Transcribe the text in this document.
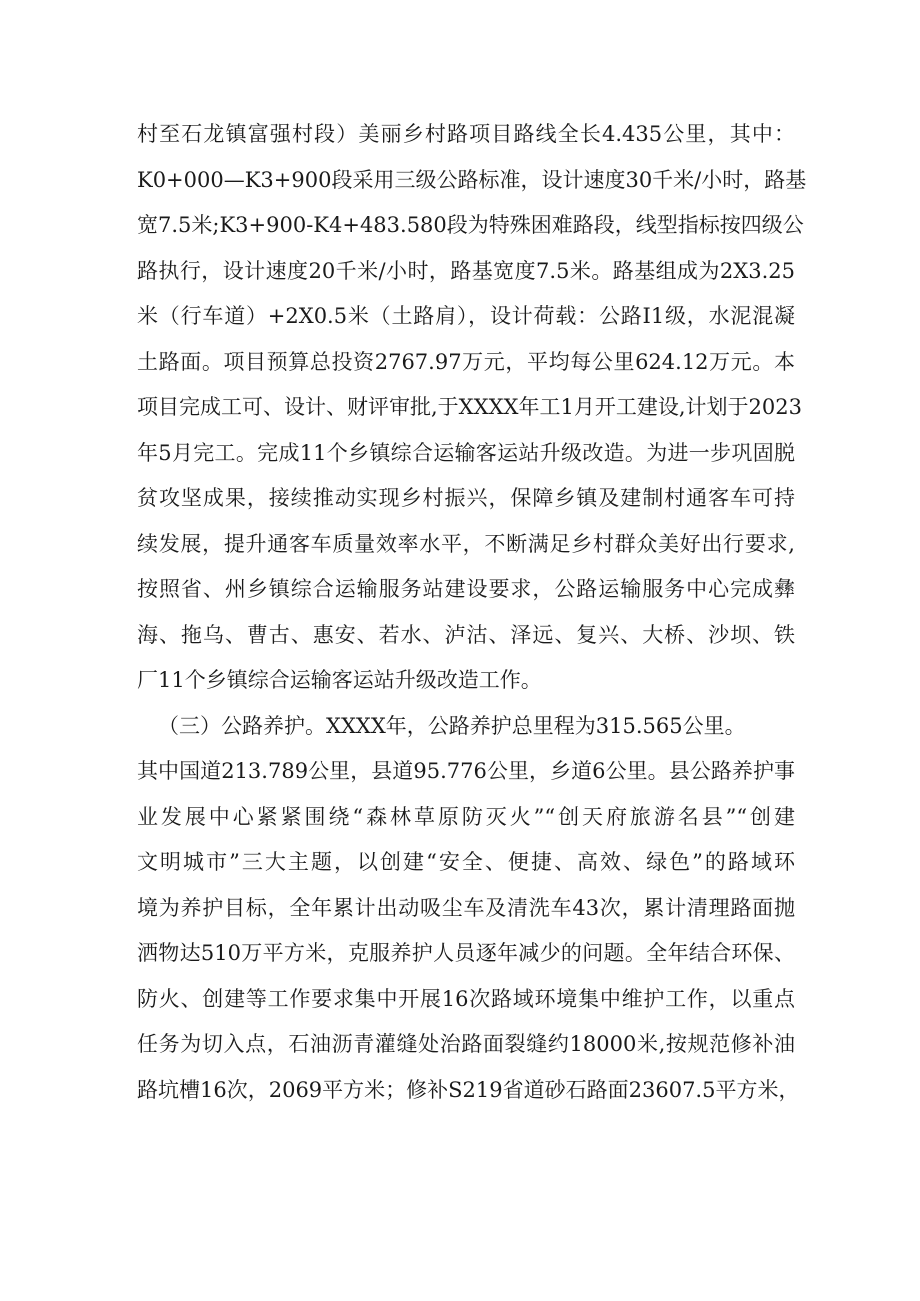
村至石龙镇富强村段）美丽乡村路项目路线全长4.435公里，其中：
K0+000—K3+900段采用三级公路标准，设计速度30千米/小时，路基
宽7.5米;K3+900-K4+483.580段为特殊困难路段，线型指标按四级公
路执行，设计速度20千米/小时，路基宽度7.5米。路基组成为2X3.25
米（行车道）+2X0.5米（土路肩），设计荷载：公路I1级，水泥混凝
土路面。项目预算总投资2767.97万元，平均每公里624.12万元。本
项目完成工可、设计、财评审批,于XXXX年工1月开工建设,计划于2023
年5月完工。完成11个乡镇综合运输客运站升级改造。为进一步巩固脱
贫攻坚成果，接续推动实现乡村振兴，保障乡镇及建制村通客车可持
续发展，提升通客车质量效率水平，不断满足乡村群众美好出行要求,
按照省、州乡镇综合运输服务站建设要求，公路运输服务中心完成彝
海、拖乌、曹古、惠安、若水、泸沽、泽远、复兴、大桥、沙坝、铁
厂11个乡镇综合运输客运站升级改造工作。
（三）公路养护。XXXX年，公路养护总里程为315.565公里。
其中国道213.789公里，县道95.776公里，乡道6公里。县公路养护事
业发展中心紧紧围绕“森林草原防灭火”“创天府旅游名县”“创建
文明城市”三大主题，以创建“安全、便捷、高效、绿色”的路域环
境为养护目标，全年累计出动吸尘车及清洗车43次，累计清理路面抛
洒物达510万平方米，克服养护人员逐年减少的问题。全年结合环保、
防火、创建等工作要求集中开展16次路域环境集中维护工作，以重点
任务为切入点，石油沥青灌缝处治路面裂缝约18000米,按规范修补油
路坑槽16次，2069平方米；修补S219省道砂石路面23607.5平方米，
